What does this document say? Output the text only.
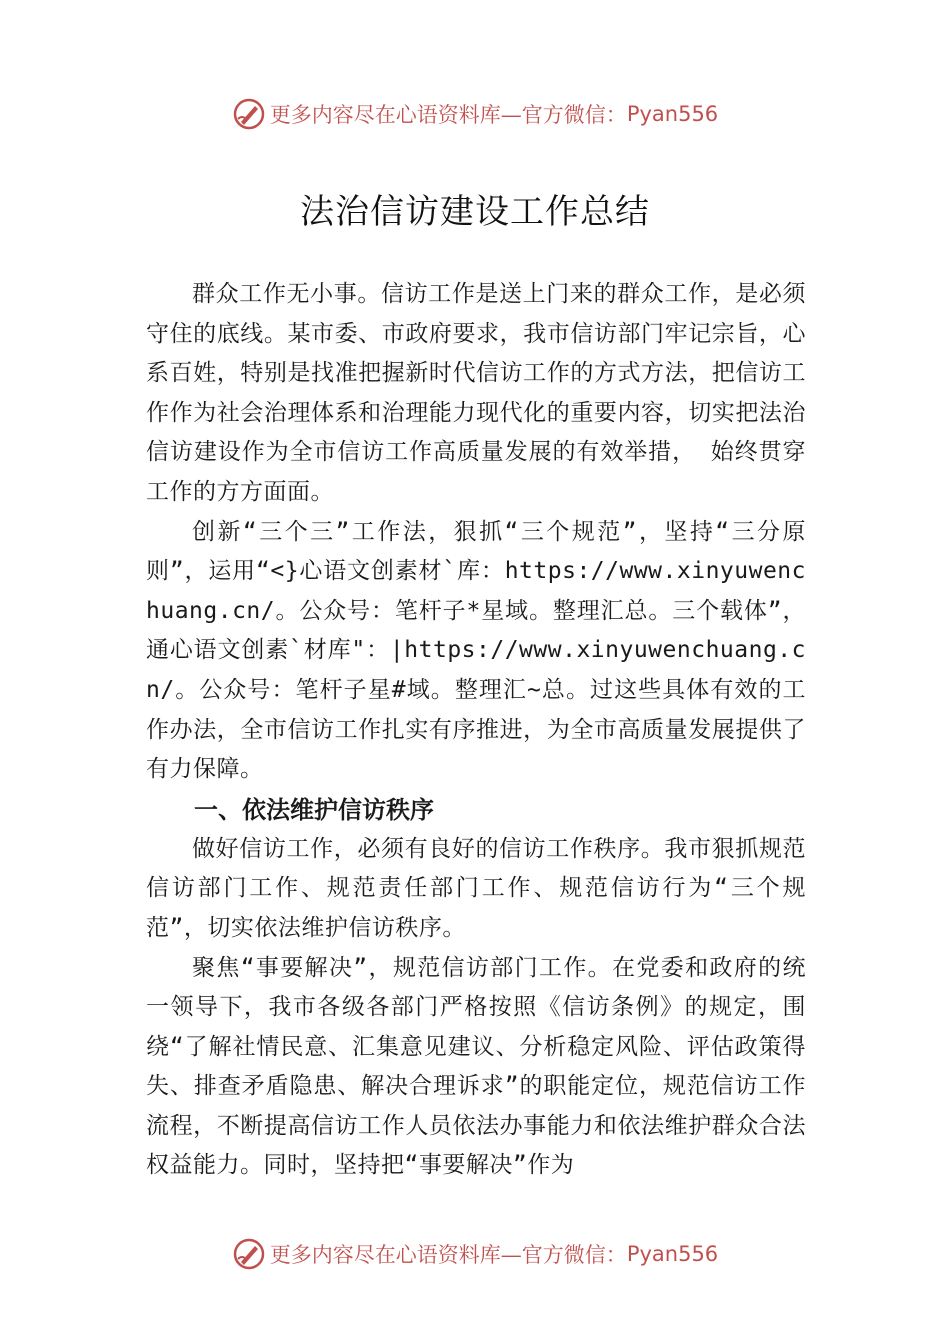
更多内容尽在心语资料库—官方微信： Pyan556
法治信访建设工作总结

群众工作无小事。信访工作是送上门来的群众工作，是必须守住的底线。某市委、市政府要求，我市信访部门牢记宗旨，心系百姓，特别是找准把握新时代信访工作的方式方法，把信访工作作为社会治理体系和治理能力现代化的重要内容，切实把法治信访建设作为全市信访工作高质量发展的有效举措， 始终贯穿工作的方方面面。

创新“三个三”工作法，狠抓“三个规范”，坚持“三分原则”，运用“<}心语文创素材`库：https://www.xinyuwenchuang.cn/。公众号：笔杆子*星域。整理汇总。三个载体”，通心语文创素`材库"：|https://www.xinyuwenchuang.cn/。公众号：笔杆子星#域。整理汇~总。过这些具体有效的工作办法，全市信访工作扎实有序推进，为全市高质量发展提供了有力保障。

一、依法维护信访秩序

做好信访工作，必须有良好的信访工作秩序。我市狠抓规范信访部门工作、规范责任部门工作、规范信访行为“三个规范”，切实依法维护信访秩序。

聚焦“事要解决”，规范信访部门工作。在党委和政府的统一领导下，我市各级各部门严格按照《信访条例》的规定，围绕“了解社情民意、汇集意见建议、分析稳定风险、评估政策得失、排查矛盾隐患、解决合理诉求”的职能定位，规范信访工作流程，不断提高信访工作人员依法办事能力和依法维护群众合法权益能力。同时，坚持把“事要解决”作为

更多内容尽在心语资料库—官方微信： Pyan556
